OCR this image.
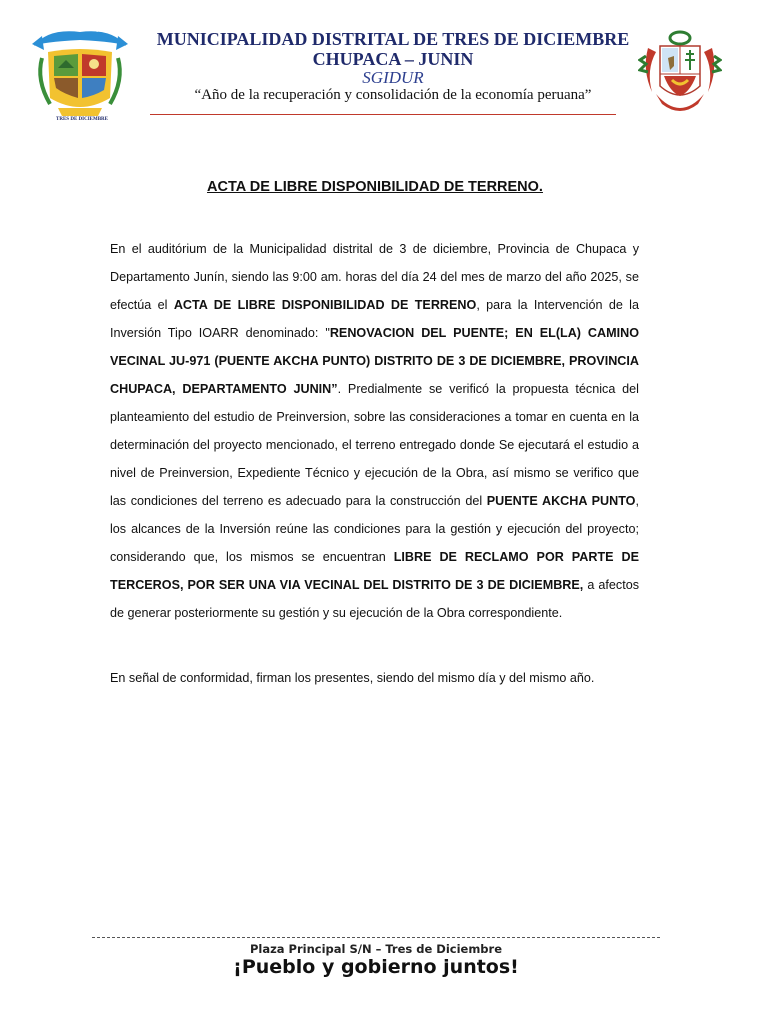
Distrito Turístico Ecológico
TRES DE DICIEMBRE
MUNICIPALIDAD DISTRITAL DE TRES DE DICIEMBRE
CHUPACA – JUNIN
SGIDUR
“Año de la recuperación y consolidación de la economía peruana”
ACTA DE LIBRE DISPONIBILIDAD DE TERRENO.
En el auditórium de la Municipalidad distrital de 3 de diciembre, Provincia de Chupaca y Departamento Junín, siendo las 9:00 am. horas del día 24 del mes de marzo del año 2025, se efectúa el ACTA DE LIBRE DISPONIBILIDAD DE TERRENO, para la Intervención de la Inversión Tipo IOARR denominado: "RENOVACION DEL PUENTE; EN EL(LA) CAMINO VECINAL JU-971 (PUENTE AKCHA PUNTO) DISTRITO DE 3 DE DICIEMBRE, PROVINCIA CHUPACA, DEPARTAMENTO JUNIN”. Predialmente se verificó la propuesta técnica del planteamiento del estudio de Preinversion, sobre las consideraciones a tomar en cuenta en la determinación del proyecto mencionado, el terreno entregado donde Se ejecutará el estudio a nivel de Preinversion, Expediente Técnico y ejecución de la Obra, así mismo se verifico que las condiciones del terreno es adecuado para la construcción del PUENTE AKCHA PUNTO, los alcances de la Inversión reúne las condiciones para la gestión y ejecución del proyecto; considerando que, los mismos se encuentran LIBRE DE RECLAMO POR PARTE DE TERCEROS, POR SER UNA VIA VECINAL DEL DISTRITO DE 3 DE DICIEMBRE, a afectos de generar posteriormente su gestión y su ejecución de la Obra correspondiente.
En señal de conformidad, firman los presentes, siendo del mismo día y del mismo año.
Plaza Principal S/N – Tres de Diciembre
¡Pueblo y gobierno juntos!
